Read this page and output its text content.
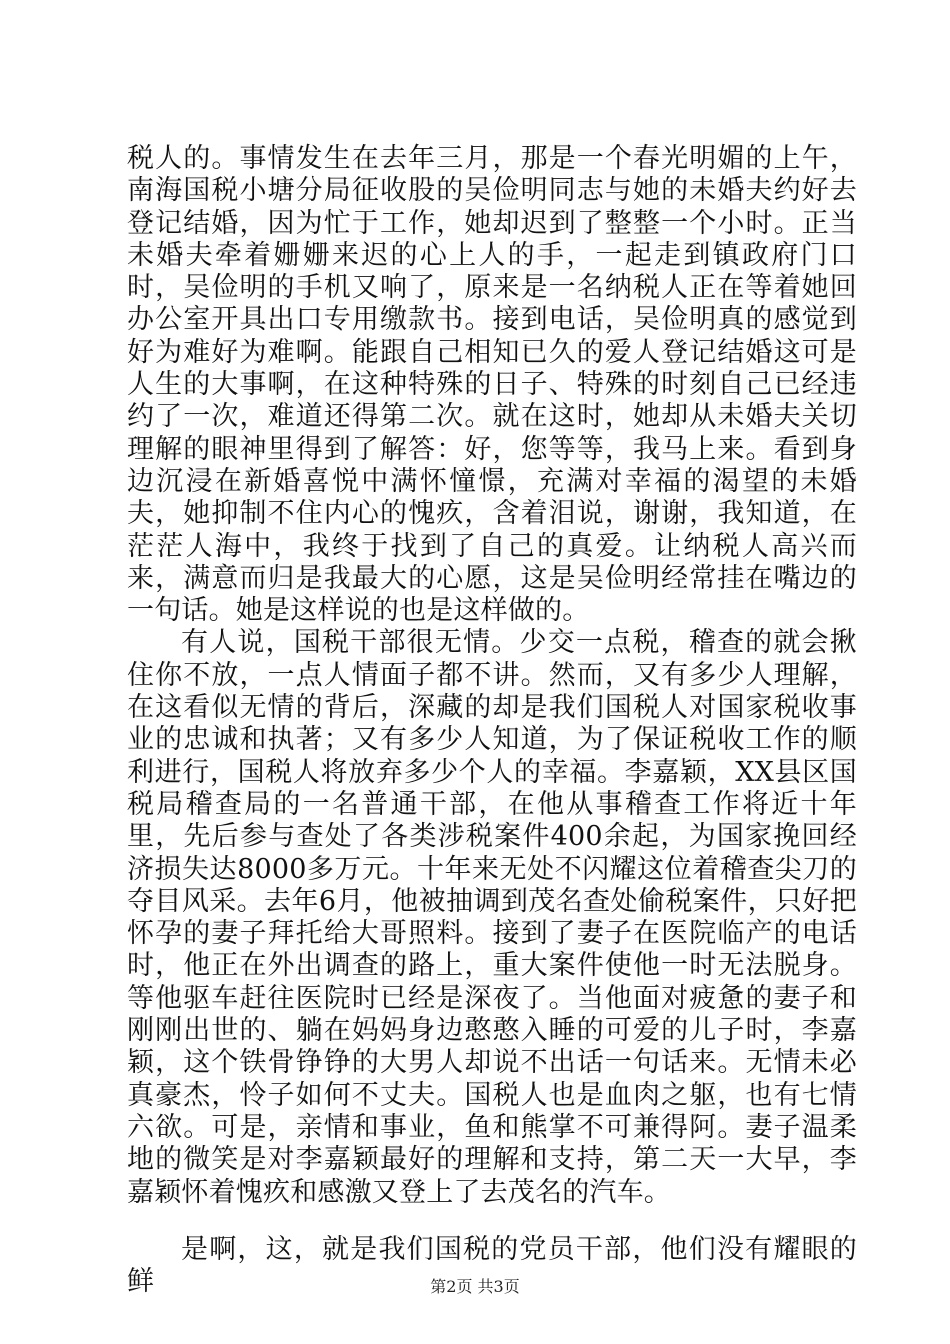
税人的。事情发生在去年三月，那是一个春光明媚的上午，南海国税小塘分局征收股的吴俭明同志与她的未婚夫约好去登记结婚，因为忙于工作，她却迟到了整整一个小时。正当未婚夫牵着姗姗来迟的心上人的手，一起走到镇政府门口时，吴俭明的手机又响了，原来是一名纳税人正在等着她回办公室开具出口专用缴款书。接到电话，吴俭明真的感觉到好为难好为难啊。能跟自己相知已久的爱人登记结婚这可是人生的大事啊，在这种特殊的日子、特殊的时刻自己已经违约了一次，难道还得第二次。就在这时，她却从未婚夫关切理解的眼神里得到了解答：好，您等等，我马上来。看到身边沉浸在新婚喜悦中满怀憧憬，充满对幸福的渴望的未婚夫，她抑制不住内心的愧疚，含着泪说，谢谢，我知道，在茫茫人海中，我终于找到了自己的真爱。让纳税人高兴而来，满意而归是我最大的心愿，这是吴俭明经常挂在嘴边的一句话。她是这样说的也是这样做的。

有人说，国税干部很无情。少交一点税，稽查的就会揪住你不放，一点人情面子都不讲。然而，又有多少人理解，在这看似无情的背后，深藏的却是我们国税人对国家税收事业的忠诚和执著；又有多少人知道，为了保证税收工作的顺利进行，国税人将放弃多少个人的幸福。李嘉颖，XX县区国税局稽查局的一名普通干部，在他从事稽查工作将近十年里，先后参与查处了各类涉税案件400余起，为国家挽回经济损失达8000多万元。十年来无处不闪耀这位着稽查尖刀的夺目风采。去年6月，他被抽调到茂名查处偷税案件，只好把怀孕的妻子拜托给大哥照料。接到了妻子在医院临产的电话时，他正在外出调查的路上，重大案件使他一时无法脱身。等他驱车赶往医院时已经是深夜了。当他面对疲惫的妻子和刚刚出世的、躺在妈妈身边憨憨入睡的可爱的儿子时，李嘉颖，这个铁骨铮铮的大男人却说不出话一句话来。无情未必真豪杰，怜子如何不丈夫。国税人也是血肉之躯，也有七情六欲。可是，亲情和事业，鱼和熊掌不可兼得阿。妻子温柔地的微笑是对李嘉颖最好的理解和支持，第二天一大早，李嘉颖怀着愧疚和感激又登上了去茂名的汽车。

是啊，这，就是我们国税的党员干部，他们没有耀眼的鲜	第2页 共3页
